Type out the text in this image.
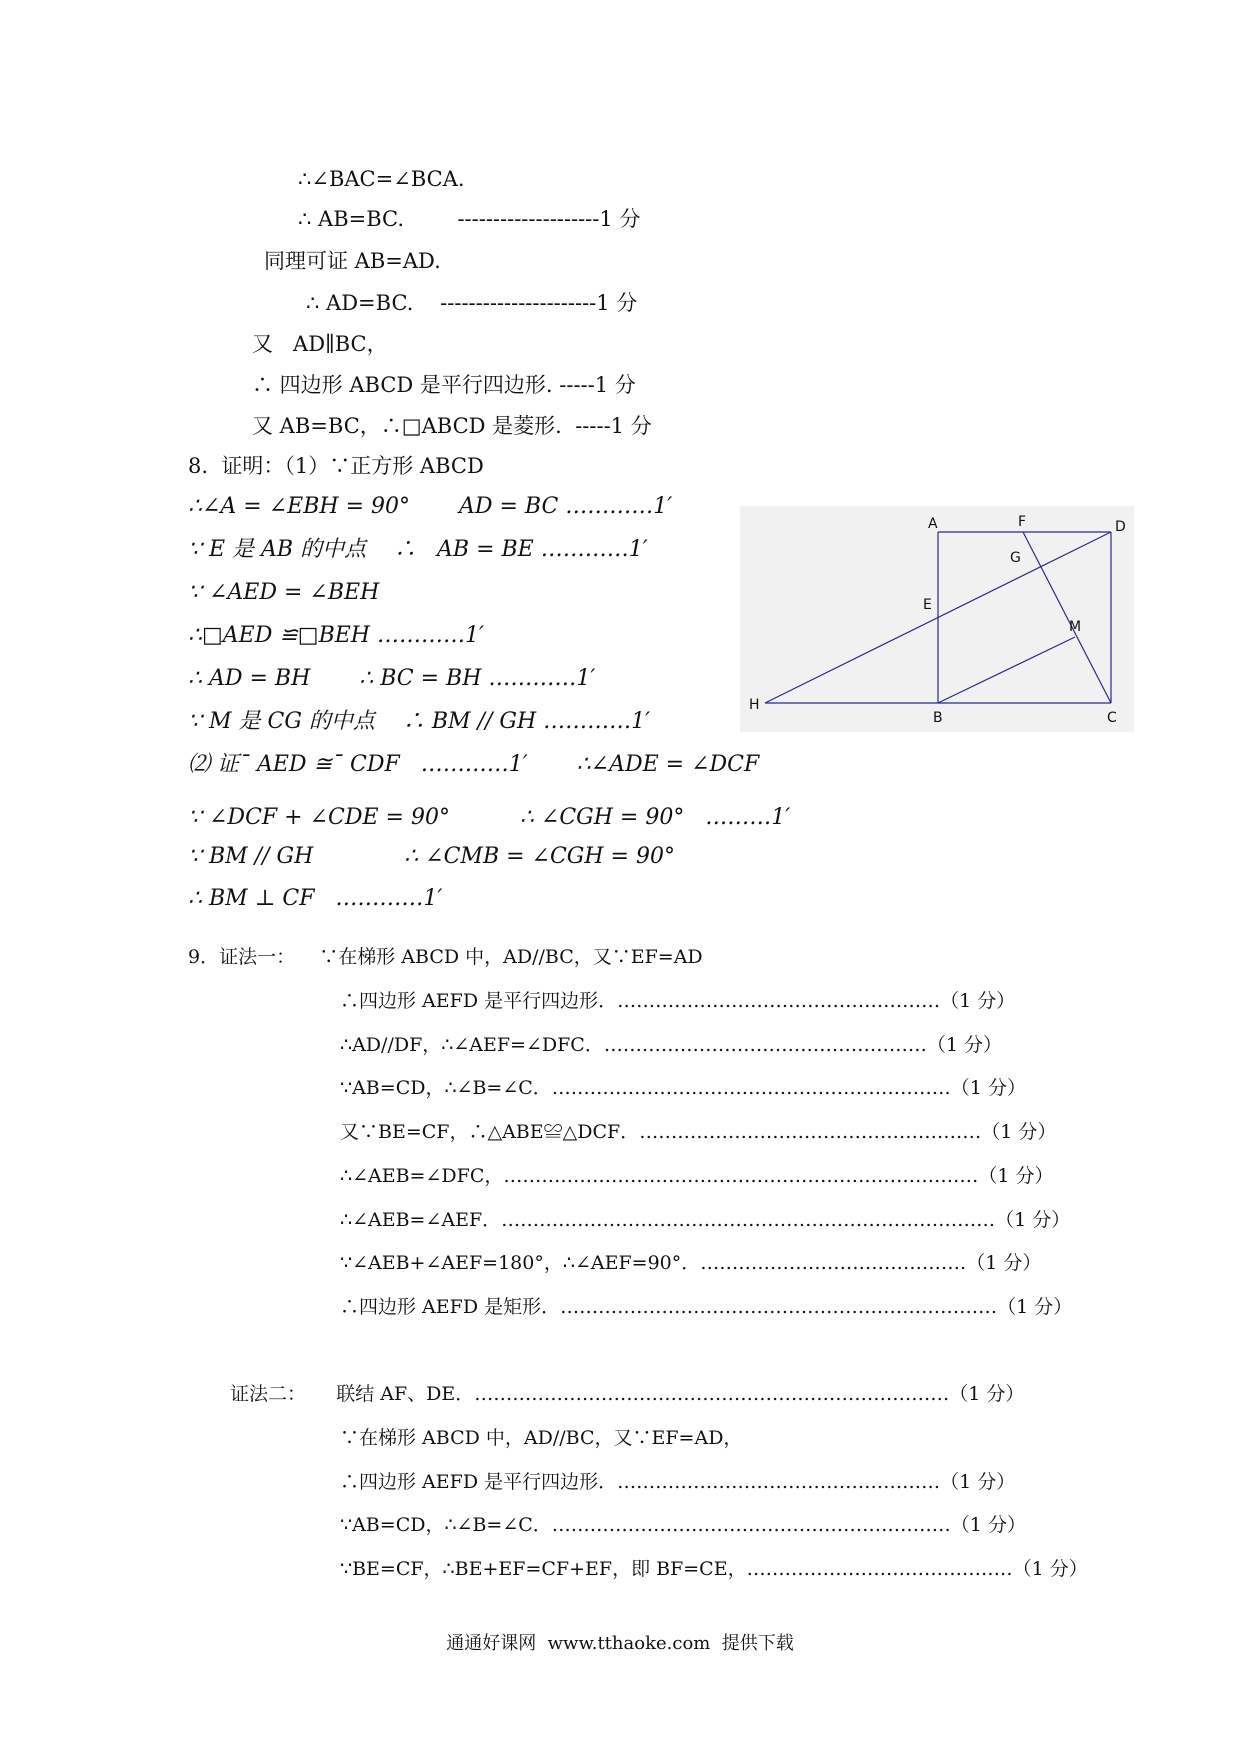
∴∠BAC=∠BCA.
∴ AB=BC.        --------------------1 分
同理可证 AB=AD.
∴ AD=BC.    ----------------------1 分
又   AD∥BC，
∴ 四边形 ABCD 是平行四边形. -----1 分
又 AB=BC，∴□ABCD 是菱形.  -----1 分
8.  证明：（1）∵正方形 ABCD
∴∠A = ∠EBH = 90°       AD = BC …………1′
∵ E 是 AB 的中点    ∴   AB = BE …………1′
∵ ∠AED = ∠BEH
∴□AED ≌□BEH …………1′
∴ AD = BH       ∴ BC = BH …………1′
∵ M 是 CG 的中点    ∴ BM // GH …………1′
⑵ 证¯ AED ≅¯ CDF   …………1′       ∴∠ADE = ∠DCF
∵ ∠DCF + ∠CDE = 90°          ∴ ∠CGH = 90°   ………1′
∵ BM // GH             ∴ ∠CMB = ∠CGH = 90°
∴ BM ⊥ CF   …………1′
A	F	D
G
E
M
H
B	C
9．证法一：    ∵在梯形 ABCD 中，AD//BC，又∵EF=AD
∴四边形 AEFD 是平行四边形．……………………………………………（1 分）
∴AD//DF，∴∠AEF=∠DFC．……………………………………………（1 分）
∵AB=CD，∴∠B=∠C．………………………………………………………（1 分）
又∵BE=CF，∴△ABE≌△DCF．………………………………………………（1 分）
∴∠AEB=∠DFC，…………………………………………………………………（1 分）
∴∠AEB=∠AEF．……………………………………………………………………（1 分）
∵∠AEB+∠AEF=180°，∴∠AEF=90°．……………………………………（1 分）
∴四边形 AEFD 是矩形．……………………………………………………………（1 分）
证法二：     联结 AF、DE．…………………………………………………………………（1 分）
∵在梯形 ABCD 中，AD//BC，又∵EF=AD，
∴四边形 AEFD 是平行四边形．……………………………………………（1 分）
∵AB=CD，∴∠B=∠C．………………………………………………………（1 分）
∵BE=CF，∴BE+EF=CF+EF，即 BF=CE，……………………………………（1 分）
通通好课网  www.tthaoke.com  提供下载
